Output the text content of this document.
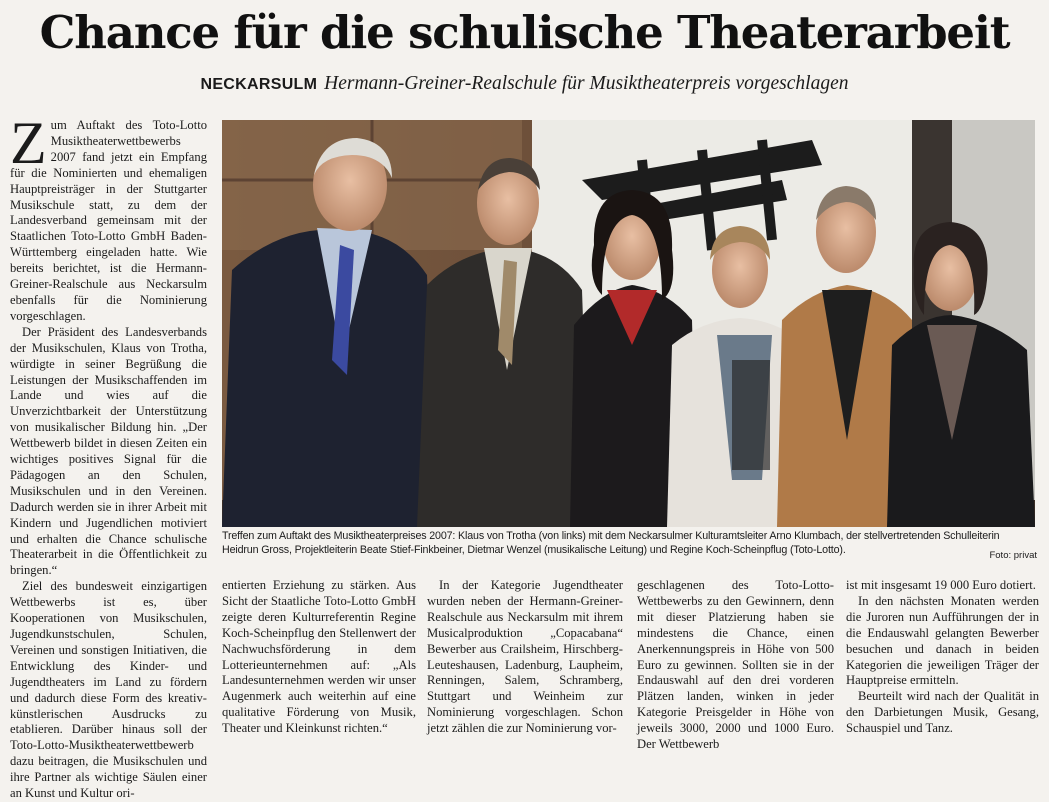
Chance für die schulische Theaterarbeit
NECKARSULM Hermann-Greiner-Realschule für Musiktheaterpreis vorgeschlagen

Zum Auftakt des Toto-Lotto Musiktheaterwettbewerbs 2007 fand jetzt ein Empfang für die Nominierten und ehemaligen Hauptpreisträger in der Stuttgarter Musikschule statt, zu dem der Landesverband gemeinsam mit der Staatlichen Toto-Lotto GmbH Baden-Württemberg eingeladen hatte. Wie bereits berichtet, ist die Hermann-Greiner-Realschule aus Neckarsulm ebenfalls für die Nominierung vorgeschlagen.

Der Präsident des Landesverbands der Musikschulen, Klaus von Trotha, würdigte in seiner Begrüßung die Leistungen der Musikschaffenden im Lande und wies auf die Unverzichtbarkeit der Unterstützung von musikalischer Bildung hin. „Der Wettbewerb bildet in diesen Zeiten ein wichtiges positives Signal für die Pädagogen an den Schulen, Musikschulen und in den Vereinen. Dadurch werden sie in ihrer Arbeit mit Kindern und Jugendlichen motiviert und erhalten die Chance schulische Theaterarbeit in die Öffentlichkeit zu bringen.“

Ziel des bundesweit einzigartigen Wettbewerbs ist es, über Kooperationen von Musikschulen, Jugendkunstschulen, Schulen, Vereinen und sonstigen Initiativen, die Entwicklung des Kinder- und Jugendtheaters im Land zu fördern und dadurch diese Form des kreativ-künstlerischen Ausdrucks zu etablieren. Darüber hinaus soll der Toto-Lotto-Musiktheaterwettbewerb dazu beitragen, die Musikschulen und ihre Partner als wichtige Säulen einer an Kunst und Kultur ori-

Treffen zum Auftakt des Musiktheaterpreises 2007: Klaus von Trotha (von links) mit dem Neckarsulmer Kulturamtsleiter Arno Klumbach, der stellvertretenden Schulleiterin Heidrun Gross, Projektleiterin Beate Stief-Finkbeiner, Dietmar Wenzel (musikalische Leitung) und Regine Koch-Scheinpflug (Toto-Lotto).	Foto: privat

entierten Erziehung zu stärken. Aus Sicht der Staatliche Toto-Lotto GmbH zeigte deren Kulturreferentin Regine Koch-Scheinpflug den Stellenwert der Nachwuchsförderung in dem Lotterieunternehmen auf: „Als Landesunternehmen werden wir unser Augenmerk auch weiterhin auf eine qualitative Förderung von Musik, Theater und Kleinkunst richten.“

In der Kategorie Jugendtheater wurden neben der Hermann-Greiner-Realschule aus Neckarsulm mit ihrem Musicalproduktion „Copacabana“ Bewerber aus Crailsheim, Hirschberg-Leuteshausen, Ladenburg, Laupheim, Renningen, Salem, Schramberg, Stuttgart und Weinheim zur Nominierung vorgeschlagen. Schon jetzt zählen die zur Nominierung vor-

geschlagenen des Toto-Lotto-Wettbewerbs zu den Gewinnern, denn mit dieser Platzierung haben sie mindestens die Chance, einen Anerkennungspreis in Höhe von 500 Euro zu gewinnen. Sollten sie in der Endauswahl auf den drei vorderen Plätzen landen, winken in jeder Kategorie Preisgelder in Höhe von jeweils 3000, 2000 und 1000 Euro. Der Wettbewerb

ist mit insgesamt 19 000 Euro dotiert.

In den nächsten Monaten werden die Juroren nun Aufführungen der in die Endauswahl gelangten Bewerber besuchen und danach in beiden Kategorien die jeweiligen Träger der Hauptpreise ermitteln.

Beurteilt wird nach der Qualität in den Darbietungen Musik, Gesang, Schauspiel und Tanz.
